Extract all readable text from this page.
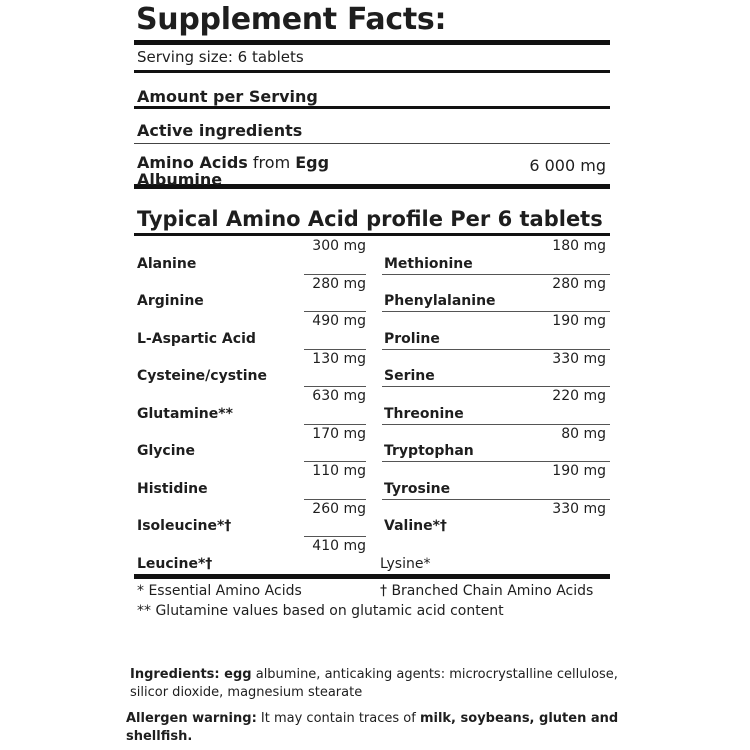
Supplement Facts:
Serving size: 6 tablets
Amount per Serving
Active ingredients
Amino Acids from Egg
Albumine
6 000 mg
Typical Amino Acid profile Per 6 tablets
300 mg
Alanine
180 mg
Methionine
280 mg
Arginine
280 mg
Phenylalanine
490 mg
L-Aspartic Acid
190 mg
Proline
130 mg
Cysteine/cystine
330 mg
Serine
630 mg
Glutamine**
220 mg
Threonine
170 mg
Glycine
80 mg
Tryptophan
110 mg
Histidine
190 mg
Tyrosine
260 mg
Isoleucine*†
330 mg
Valine*†
410 mg
Leucine*†	Lysine*
* Essential Amino Acids	† Branched Chain Amino Acids
** Glutamine values based on glutamic acid content
Ingredients: egg albumine, anticaking agents: microcrystalline cellulose, silicor dioxide, magnesium stearate
Allergen warning: It may contain traces of milk, soybeans, gluten and shellfish.
